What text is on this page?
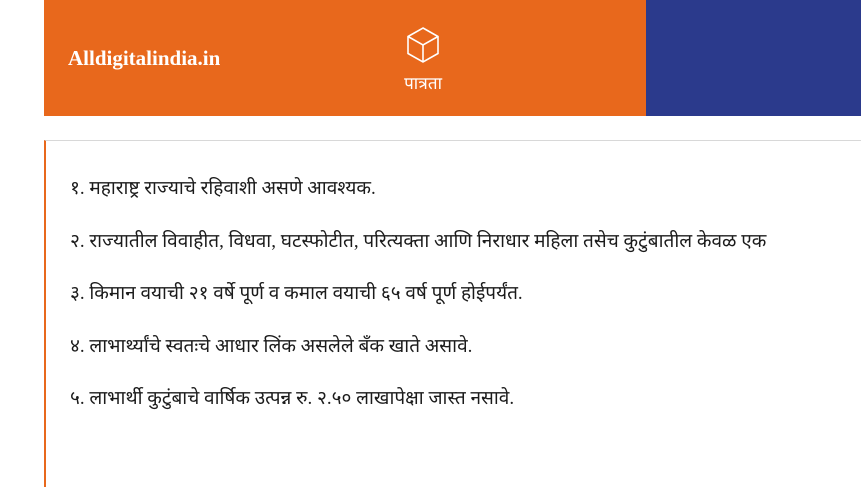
Alldigitalindia.in
पात्रता
१. महाराष्ट्र राज्याचे रहिवाशी असणे आवश्यक.
२. राज्यातील विवाहीत, विधवा, घटस्फोटीत, परित्यक्ता आणि निराधार महिला तसेच कुटुंबातील केवळ एक
३. किमान वयाची २१ वर्षे पूर्ण व कमाल वयाची ६५ वर्ष पूर्ण होईपर्यंत.
४. लाभार्थ्यांचे स्वतःचे आधार लिंक असलेले बँक खाते असावे.
५. लाभार्थी कुटुंबाचे वार्षिक उत्पन्न रु. २.५० लाखापेक्षा जास्त नसावे.
